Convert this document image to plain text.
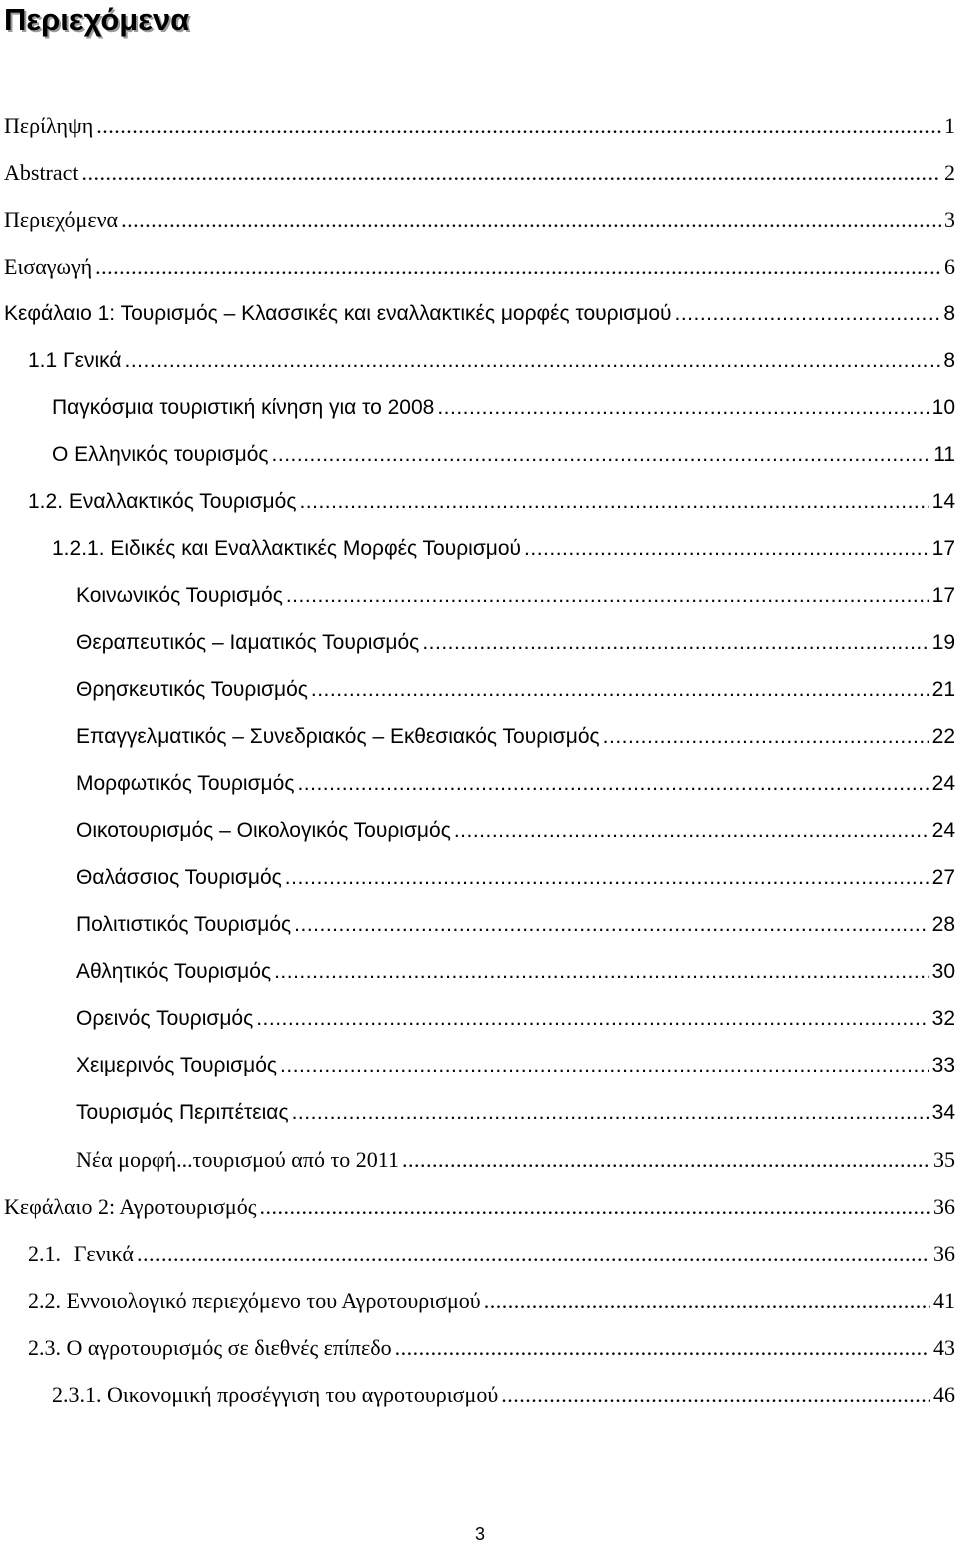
Περιεχόμενα
Περίληψη .....	1
Abstract .....	2
Περιεχόμενα .....	3
Εισαγωγή .....	6
Κεφάλαιο 1: Τουρισμός – Κλασσικές και εναλλακτικές μορφές τουρισμού .....	8
1.1 Γενικά .....	8
Παγκόσμια τουριστική κίνηση για το 2008 .....	10
Ο Ελληνικός τουρισμός .....	11
1.2. Εναλλακτικός Τουρισμός .....	14
1.2.1. Ειδικές και Εναλλακτικές Μορφές Τουρισμού .....	17
Κοινωνικός Τουρισμός .....	17
Θεραπευτικός – Ιαματικός Τουρισμός .....	19
Θρησκευτικός Τουρισμός .....	21
Επαγγελματικός – Συνεδριακός – Εκθεσιακός Τουρισμός .....	22
Μορφωτικός Τουρισμός .....	24
Οικοτουρισμός – Οικολογικός Τουρισμός .....	24
Θαλάσσιος Τουρισμός .....	27
Πολιτιστικός Τουρισμός .....	28
Αθλητικός Τουρισμός .....	30
Ορεινός Τουρισμός .....	32
Χειμερινός Τουρισμός .....	33
Τουρισμός Περιπέτειας .....	34
Νέα μορφή...τουρισμού από το 2011 .....	35
Κεφάλαιο 2: Αγροτουρισμός .....	36
2.1. Γενικά .....	36
2.2. Εννοιολογικό περιεχόμενο του Αγροτουρισμού .....	41
2.3. Ο αγροτουρισμός σε διεθνές επίπεδο .....	43
2.3.1. Οικονομική προσέγγιση του αγροτουρισμού .....	46
3
